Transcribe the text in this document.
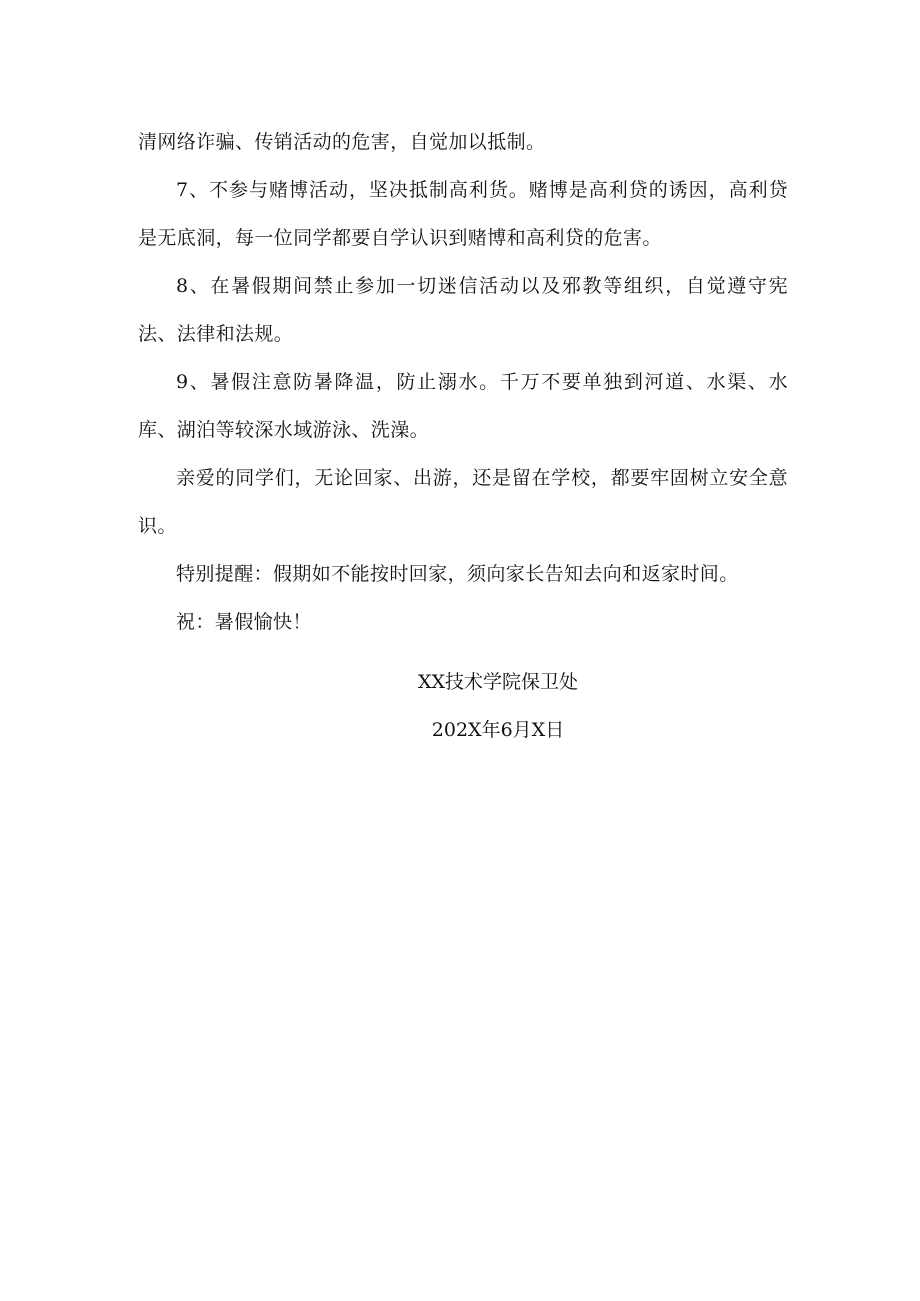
清网络诈骗、传销活动的危害，自觉加以抵制。

7、不参与赌博活动，坚决抵制高利货。赌博是高利贷的诱因，高利贷是无底洞，每一位同学都要自学认识到赌博和高利贷的危害。

8、在暑假期间禁止参加一切迷信活动以及邪教等组织，自觉遵守宪法、法律和法规。

9、暑假注意防暑降温，防止溺水。千万不要单独到河道、水渠、水库、湖泊等较深水域游泳、洗澡。

亲爱的同学们，无论回家、出游，还是留在学校，都要牢固树立安全意识。

特别提醒：假期如不能按时回家，须向家长告知去向和返家时间。

祝：暑假愉快！

XX技术学院保卫处

202X年6月X日
